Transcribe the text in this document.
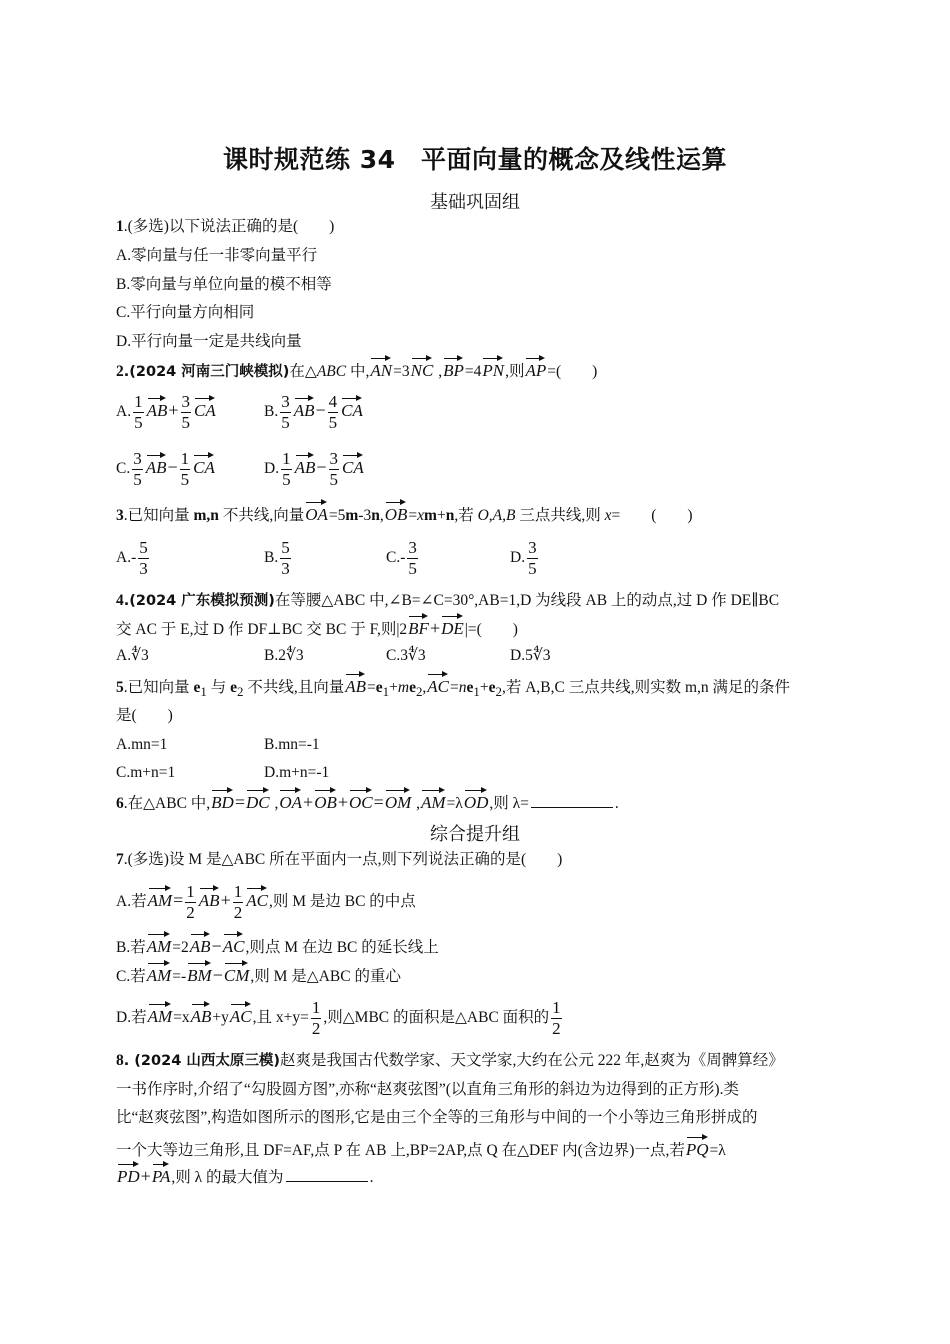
课时规范练 34　平面向量的概念及线性运算
基础巩固组
1.(多选)以下说法正确的是(　　)
A.零向量与任一非零向量平行
B.零向量与单位向量的模不相等
C.平行向量方向相同
D.平行向量一定是共线向量
2.(2024 河南三门峡模拟)在△ABC 中,AN=3NC ,BP=4PN,则AP=(　　)
A. $\frac{1}{5} AB+ \frac{3}{5}$ CA	B. $\frac{3}{5} AB- \frac{4}{5}$ CA
C. $\frac{3}{5} AB- \frac{1}{5}$ CA	D. $\frac{1}{5} AB- \frac{3}{5}$ CA
3.已知向量 m,n 不共线,向量OA=5m-3n,OB=xm+n,若 O,A,B 三点共线,则 x=　　(　　)
$A.- \frac{5}{3}$	B. $\frac{5}{3}$	$C.- \frac{3}{5}$	D. $\frac{3}{5}$
4.(2024 广东模拟预测)在等腰△ABC 中,∠B=∠C=30°,AB=1,D 为线段 AB 上的动点,过 D 作 DE∥BC
交 AC 于 E,过 D 作 DF⊥BC 交 BC 于 F,则|2BF+DE|=(　　)
A.∜3	B.2∜3	C.3∜3	D.5∜3
5.已知向量 $e_1$ 与 $e_2$ 不共线,且向量$AB=e_1+me_2,AC=ne_1+e_2$,若 A,B,C 三点共线,则实数 m,n 满足的条件
是(　　)
A.mn=1	B.mn=-1
C.m+n=1	D.m+n=-1
6.在△ABC 中,BD=DC ,OA+OB+OC=OM ,AM=λOD,则 λ=	.
综合提升组
7.(多选)设 M 是△ABC 所在平面内一点,则下列说法正确的是(　　)
A.若$AM= \frac{1}{2} AB+ \frac{1}{2}$ AC,则 M 是边 BC 的中点
B.若AM=2AB−AC,则点 M 在边 BC 的延长线上
C.若AM=-BM−CM,则 M 是△ABC 的重心
D.若AM=xAB+yAC,且 $x+y= \frac{1}{2}$ ,则△MBC 的面积是△ABC 面积的 $\frac{1}{2}$
8. (2024 山西太原三模)赵爽是我国古代数学家、天文学家,大约在公元 222 年,赵爽为《周髀算经》
一书作序时,介绍了“勾股圆方图”,亦称“赵爽弦图”(以直角三角形的斜边为边得到的正方形).类
比“赵爽弦图”,构造如图所示的图形,它是由三个全等的三角形与中间的一个小等边三角形拼成的
一个大等边三角形,且 DF=AF,点 P 在 AB 上,BP=2AP,点 Q 在△DEF 内(含边界)一点,若PQ=λ
PD+PA,则 λ 的最大值为	.
